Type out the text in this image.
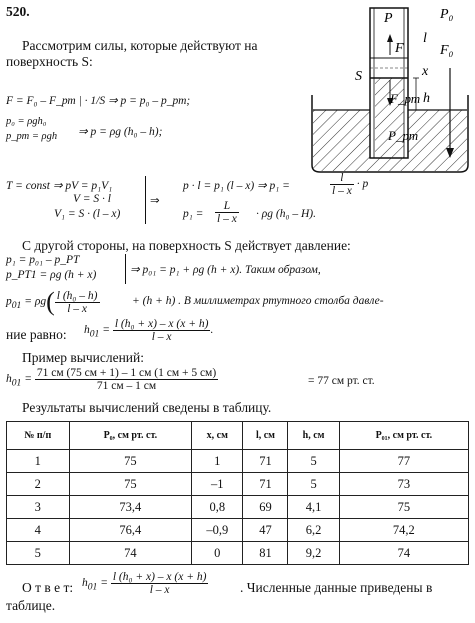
520.
Рассмотрим силы, которые действуют на
поверхность S:
P	P₀
l
F₀
F
S	x
h
F_рт
P_рт
F = F₀ – F_рт | · 1/S ⇒ p = p₀ – p_рт;
p₀ = ρgh₀
p_рт = ρgh ⇒ p = ρg (h₀ – h);
T = const ⇒ pV = p₁V₁
V = S · l
V₁ = S · (l – x)
⇒
p · l = p₁ (l – x) ⇒ p₁ =	$\frac{l}{l - x} \cdot p$
$p_1 = \frac{L}{l - x} \cdot \rho g$ (h₀ – H).
С другой стороны, на поверхность S действует давление:
p₁ = p₀₁ – p_РТ
p_РТ1 = ρg (h + x)	⇒ p₀₁ = p₁ + ρg (h + x). Таким образом,
$p_{01} = \rho g( \frac{\text{l (h₀ – h)}}{l - x}$	+ (h + h) . В миллиметрах ртутного столба давле-
ние равно: $h_{01} = \frac{\text{l (h₀ + x) – x (x + h)}}{l - x}$ .
Пример вычислений:
$h_{01} = \frac{71 см (75 см + 1) - 1 см (1 см + 5 см)}{71 см - 1 см}$	= 77 см рт. ст.
Результаты вычислений сведены в таблицу.
№ п/п	P₀, см рт. ст.	x, см	l, см	h, см	P₀₁, см рт. ст.
1	75	1	71	5	77
2	75	–1	71	5	73
3	73,4	0,8	69	4,1	75
4	76,4	–0,9	47	6,2	74,2
5	74	0	81	9,2	74
О т в е т: $h_{01} = \frac{\text{l (h₀ + x) – x (x + h)}}{l - x}$ . Численные данные приведены в
таблице.
